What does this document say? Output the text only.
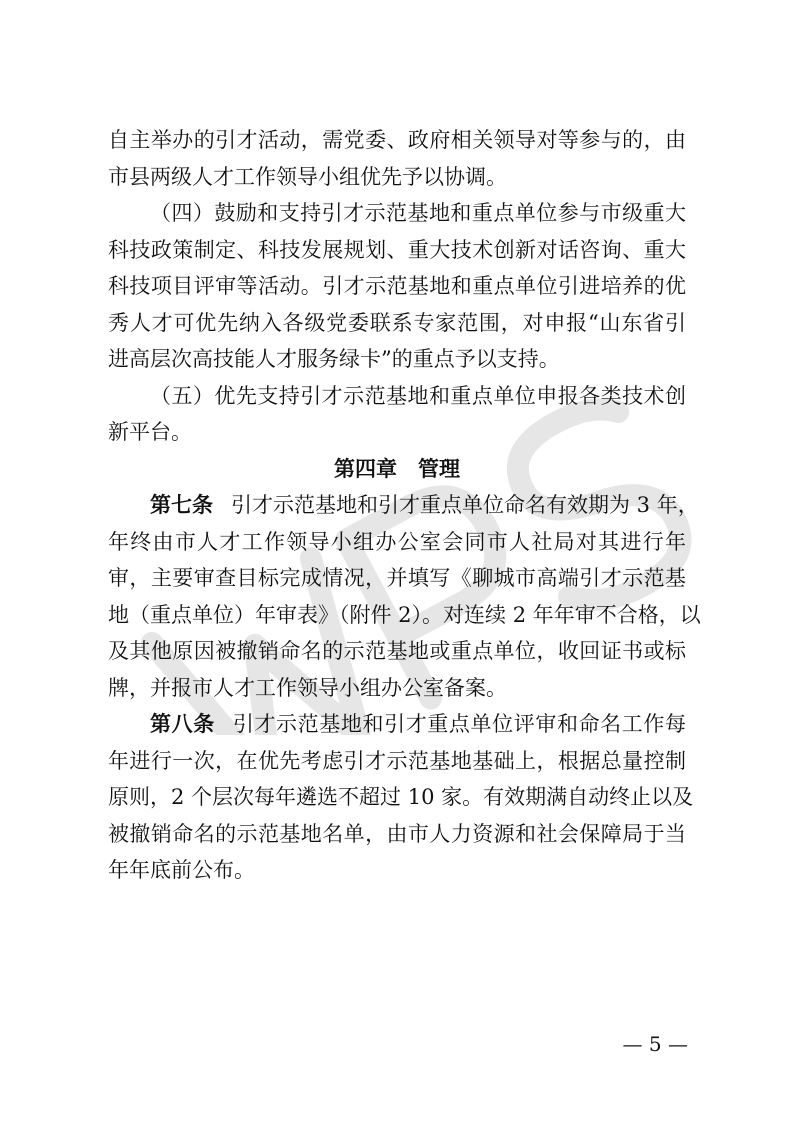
自主举办的引才活动，需党委、政府相关领导对等参与的，由
市县两级人才工作领导小组优先予以协调。
（四）鼓励和支持引才示范基地和重点单位参与市级重大
科技政策制定、科技发展规划、重大技术创新对话咨询、重大
科技项目评审等活动。引才示范基地和重点单位引进培养的优
秀人才可优先纳入各级党委联系专家范围，对申报“山东省引
进高层次高技能人才服务绿卡”的重点予以支持。
（五）优先支持引才示范基地和重点单位申报各类技术创
新平台。
第四章 管理
第七条 引才示范基地和引才重点单位命名有效期为 3 年，
年终由市人才工作领导小组办公室会同市人社局对其进行年
审，主要审查目标完成情况，并填写《聊城市高端引才示范基
地（重点单位）年审表》（附件 2）。对连续 2 年年审不合格，以
及其他原因被撤销命名的示范基地或重点单位，收回证书或标
牌，并报市人才工作领导小组办公室备案。
第八条 引才示范基地和引才重点单位评审和命名工作每
年进行一次，在优先考虑引才示范基地基础上，根据总量控制
原则，2 个层次每年遴选不超过 10 家。有效期满自动终止以及
被撤销命名的示范基地名单，由市人力资源和社会保障局于当
年年底前公布。
— 5 —
